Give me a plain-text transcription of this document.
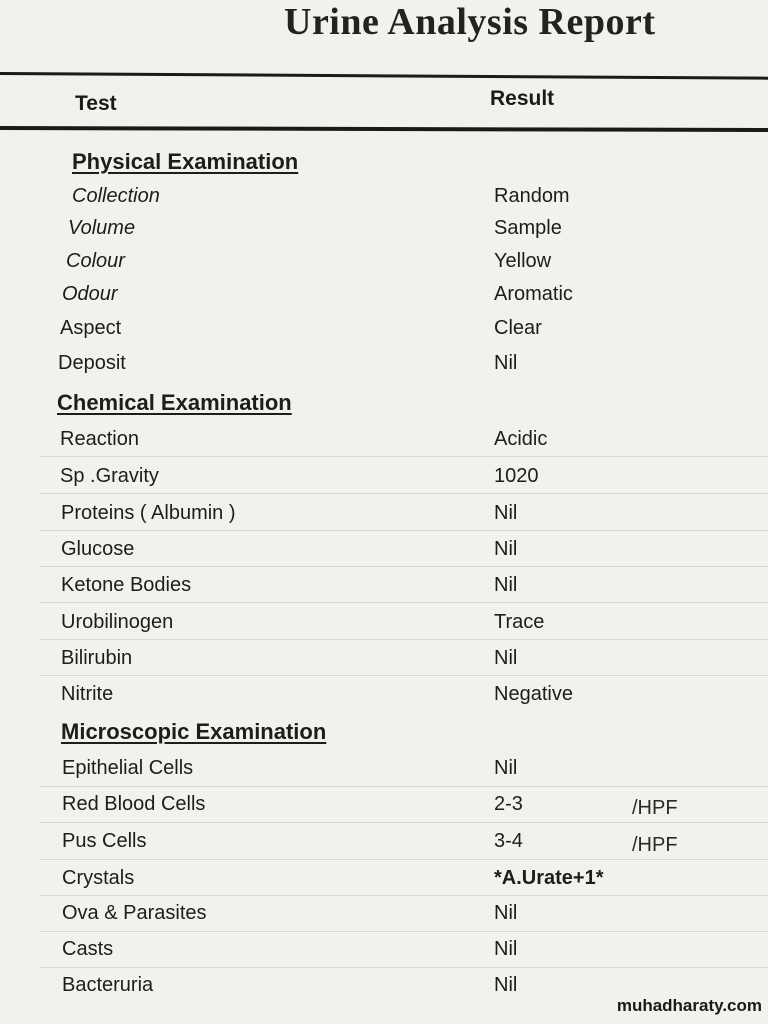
Urine Analysis Report
Test	Result
Physical Examination
Collection	Random
Volume	Sample
Colour	Yellow
Odour	Aromatic
Aspect	Clear
Deposit	Nil
Chemical Examination
Reaction	Acidic
Sp .Gravity	1020
Proteins ( Albumin )	Nil
Glucose	Nil
Ketone Bodies	Nil
Urobilinogen	Trace
Bilirubin	Nil
Nitrite	Negative
Microscopic Examination
Epithelial Cells	Nil
Red Blood Cells	2-3	/HPF
Pus Cells	3-4	/HPF
Crystals	*A.Urate+1*
Ova & Parasites	Nil
Casts	Nil
Bacteruria	Nil
muhadharaty.com
